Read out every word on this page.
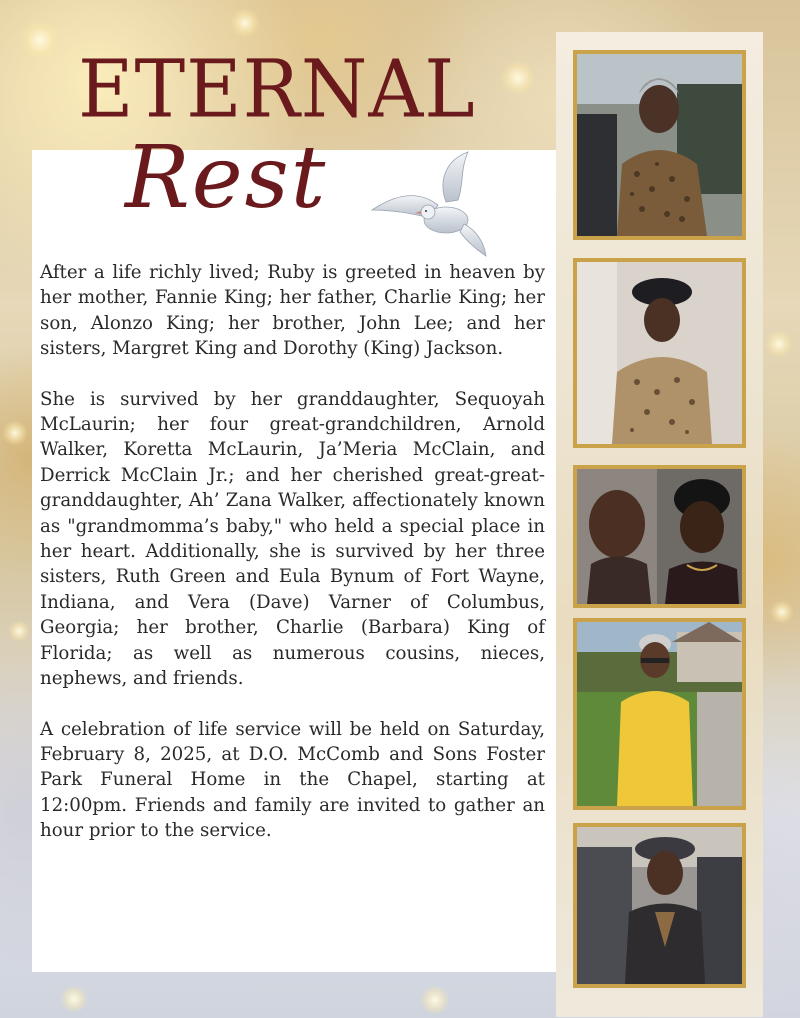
ETERNAL
Rest

After a life richly lived; Ruby is greeted in heaven by her mother, Fannie King; her father, Charlie King; her son, Alonzo King; her brother, John Lee; and her sisters, Margret King and Dorothy (King) Jackson.

She is survived by her granddaughter, Sequoyah McLaurin; her four great-grandchildren, Arnold Walker, Koretta McLaurin, Ja’Meria McClain, and Derrick McClain Jr.; and her cherished great-great-granddaughter, Ah’ Zana Walker, affectionately known as "grandmomma’s baby," who held a special place in her heart. Additionally, she is survived by her three sisters, Ruth Green and Eula Bynum of Fort Wayne, Indiana, and Vera (Dave) Varner of Columbus, Georgia; her brother, Charlie (Barbara) King of Florida; as well as numerous cousins, nieces, nephews, and friends.

A celebration of life service will be held on Saturday, February 8, 2025, at D.O. McComb and Sons Foster Park Funeral Home in the Chapel, starting at 12:00pm. Friends and family are invited to gather an hour prior to the service.
